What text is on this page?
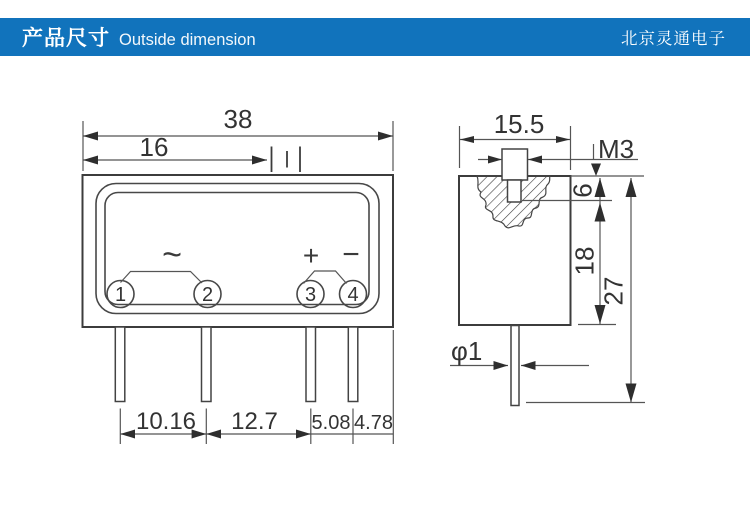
产品尺寸 Outside dimension	北京灵通电子
1	2	3 4
~	+ −
38
16
10.16 12.7 5.08 4.78
15.5
M3
6
18
27
φ1
